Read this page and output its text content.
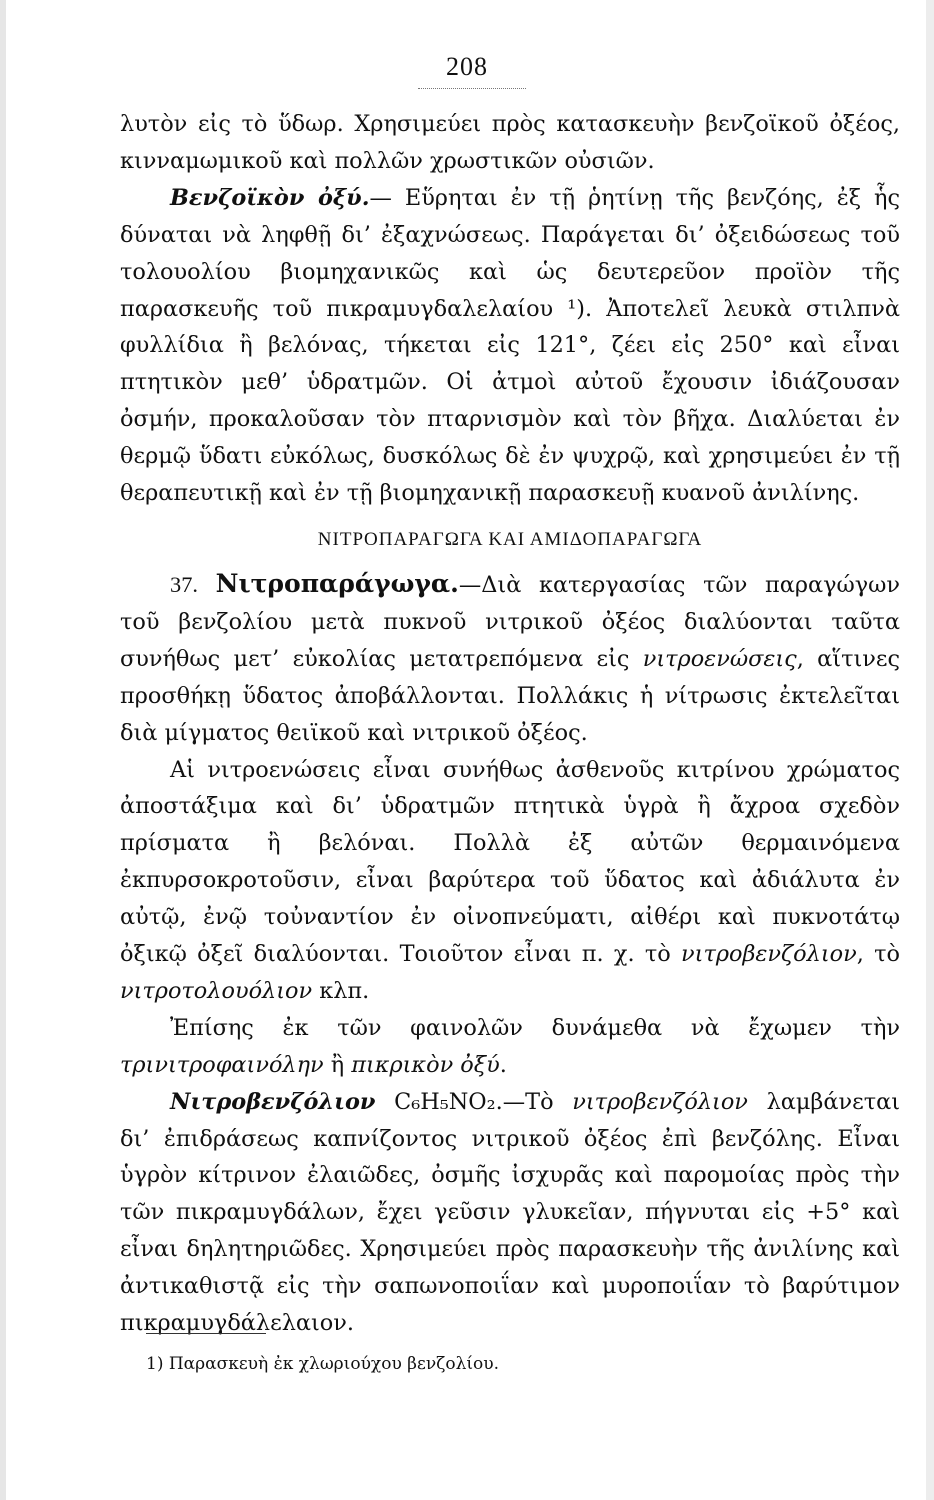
208

λυτὸν εἰς τὸ ὕδωρ. Χρησιμεύει πρὸς κατασκευὴν βενζοϊκοῦ ὀξέος, κινναμωμικοῦ καὶ πολλῶν χρωστικῶν οὐσιῶν.

Βενζοϊκὸν ὀξύ.— Εὕρηται ἐν τῇ ῥητίνῃ τῆς βενζόης, ἐξ ἧς δύναται νὰ ληφθῇ δι’ ἐξαχνώσεως. Παράγεται δι’ ὀξειδώσεως τοῦ τολουολίου βιομηχανικῶς καὶ ὡς δευτερεῦον προϊὸν τῆς παρασκευῆς τοῦ πικραμυγδαλελαίου ¹). Ἀποτελεῖ λευκὰ στιλπνὰ φυλλίδια ἢ βελόνας, τήκεται εἰς 121°, ζέει εἰς 250° καὶ εἶναι πτητικὸν μεθ’ ὑδρατμῶν. Οἱ ἀτμοὶ αὐτοῦ ἔχουσιν ἰδιάζουσαν ὀσμήν, προκαλοῦσαν τὸν πταρνισμὸν καὶ τὸν βῆχα. Διαλύεται ἐν θερμῷ ὕδατι εὐκόλως, δυσκόλως δὲ ἐν ψυχρῷ, καὶ χρησιμεύει ἐν τῇ θεραπευτικῇ καὶ ἐν τῇ βιομηχανικῇ παρασκευῇ κυανοῦ ἀνιλίνης.

ΝΙΤΡΟΠΑΡΑΓΩΓΑ ΚΑΙ ΑΜΙΔΟΠΑΡΑΓΩΓΑ

37. Νιτροπαράγωγα.—Διὰ κατεργασίας τῶν παραγώγων τοῦ βενζολίου μετὰ πυκνοῦ νιτρικοῦ ὀξέος διαλύονται ταῦτα συνήθως μετ’ εὐκολίας μετατρεπόμενα εἰς νιτροενώσεις, αἵτινες προσθήκῃ ὕδατος ἀποβάλλονται. Πολλάκις ἡ νίτρωσις ἐκτελεῖται διὰ μίγματος θειϊκοῦ καὶ νιτρικοῦ ὀξέος.

Αἱ νιτροενώσεις εἶναι συνήθως ἀσθενοῦς κιτρίνου χρώματος ἀποστάξιμα καὶ δι’ ὑδρατμῶν πτητικὰ ὑγρὰ ἢ ἄχροα σχεδὸν πρίσματα ἢ βελόναι. Πολλὰ ἐξ αὐτῶν θερμαινόμενα ἐκπυρσοκροτοῦσιν, εἶναι βαρύτερα τοῦ ὕδατος καὶ ἀδιάλυτα ἐν αὐτῷ, ἐνῷ τοὐναντίον ἐν οἰνοπνεύματι, αἰθέρι καὶ πυκνοτάτῳ ὀξικῷ ὀξεῖ διαλύονται. Τοιοῦτον εἶναι π. χ. τὸ νιτροβενζόλιον, τὸ νιτροτολουόλιον κλπ.

Ἐπίσης ἐκ τῶν φαινολῶν δυνάμεθα νὰ ἔχωμεν τὴν τρινιτροφαινόλην ἢ πικρικὸν ὀξύ.

Νιτροβενζόλιον C₆H₅NO₂.—Τὸ νιτροβενζόλιον λαμβάνεται δι’ ἐπιδράσεως καπνίζοντος νιτρικοῦ ὀξέος ἐπὶ βενζόλης. Εἶναι ὑγρὸν κίτρινον ἐλαιῶδες, ὀσμῆς ἰσχυρᾶς καὶ παρομοίας πρὸς τὴν τῶν πικραμυγδάλων, ἔχει γεῦσιν γλυκεῖαν, πήγνυται εἰς +5° καὶ εἶναι δηλητηριῶδες. Χρησιμεύει πρὸς παρασκευὴν τῆς ἀνιλίνης καὶ ἀντικαθιστᾷ εἰς τὴν σαπωνοποιΐαν καὶ μυροποιΐαν τὸ βαρύτιμον πικραμυγδάλελαιον.

1) Παρασκευὴ ἐκ χλωριούχου βενζολίου.
